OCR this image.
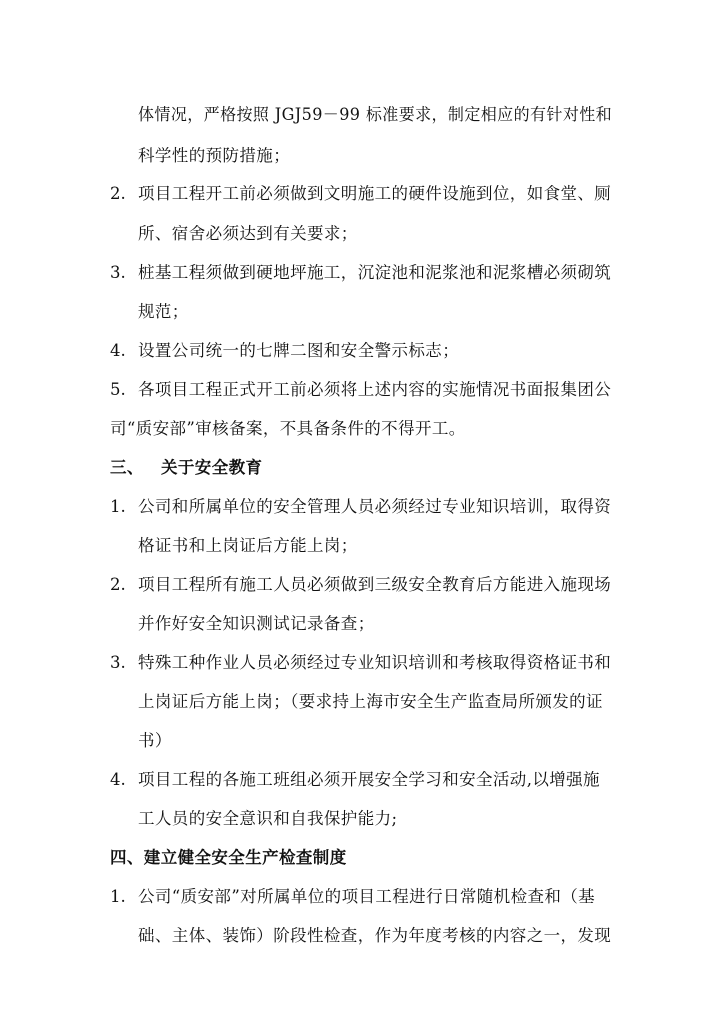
体情况，严格按照 JGJ59－99 标准要求，制定相应的有针对性和
科学性的预防措施；
2. 项目工程开工前必须做到文明施工的硬件设施到位，如食堂、厕
所、宿舍必须达到有关要求；
3. 桩基工程须做到硬地坪施工，沉淀池和泥浆池和泥浆槽必须砌筑
规范；
4. 设置公司统一的七牌二图和安全警示标志；
5. 各项目工程正式开工前必须将上述内容的实施情况书面报集团公
司“质安部”审核备案，不具备条件的不得开工。
三、 关于安全教育
1. 公司和所属单位的安全管理人员必须经过专业知识培训，取得资
格证书和上岗证后方能上岗；
2. 项目工程所有施工人员必须做到三级安全教育后方能进入施现场
并作好安全知识测试记录备查；
3. 特殊工种作业人员必须经过专业知识培训和考核取得资格证书和
上岗证后方能上岗；（要求持上海市安全生产监查局所颁发的证
书）
4. 项目工程的各施工班组必须开展安全学习和安全活动,以增强施
工人员的安全意识和自我保护能力;
四、建立健全安全生产检查制度
1. 公司“质安部”对所属单位的项目工程进行日常随机检查和（基
础、主体、装饰）阶段性检查，作为年度考核的内容之一，发现
